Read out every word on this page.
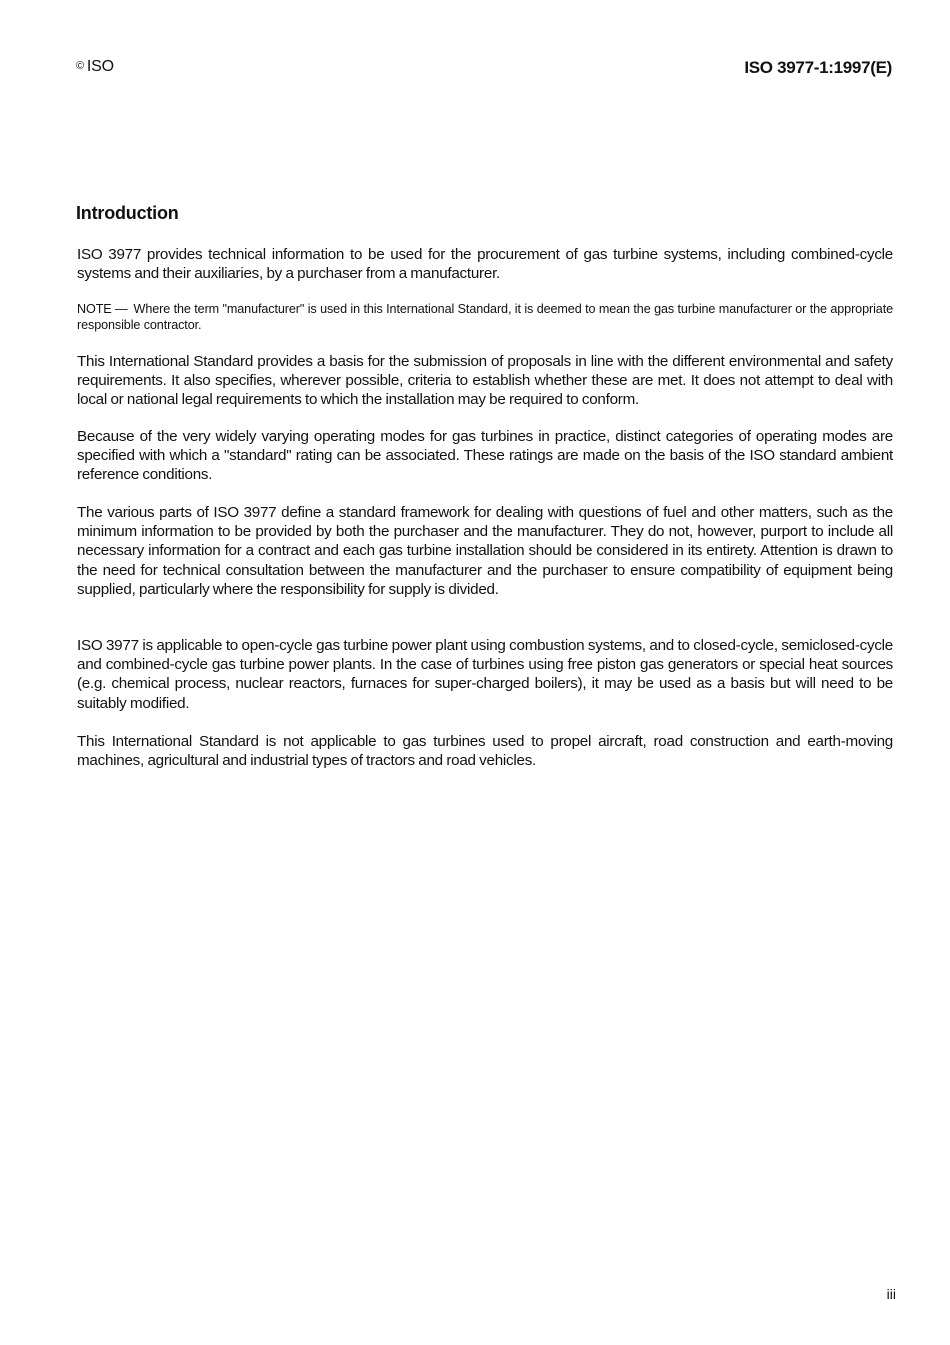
© ISO	ISO 3977-1:1997(E)
Introduction

ISO 3977 provides technical information to be used for the procurement of gas turbine systems, including combined-cycle systems and their auxiliaries, by a purchaser from a manufacturer.

NOTE — Where the term "manufacturer" is used in this International Standard, it is deemed to mean the gas turbine manufacturer or the appropriate responsible contractor.

This International Standard provides a basis for the submission of proposals in line with the different environmental and safety requirements. It also specifies, wherever possible, criteria to establish whether these are met. It does not attempt to deal with local or national legal requirements to which the installation may be required to conform.

Because of the very widely varying operating modes for gas turbines in practice, distinct categories of operating modes are specified with which a "standard" rating can be associated. These ratings are made on the basis of the ISO standard ambient reference conditions.

The various parts of ISO 3977 define a standard framework for dealing with questions of fuel and other matters, such as the minimum information to be provided by both the purchaser and the manufacturer. They do not, however, purport to include all necessary information for a contract and each gas turbine installation should be considered in its entirety. Attention is drawn to the need for technical consultation between the manufacturer and the purchaser to ensure compatibility of equipment being supplied, particularly where the responsibility for supply is divided.

ISO 3977 is applicable to open-cycle gas turbine power plant using combustion systems, and to closed-cycle, semiclosed-cycle and combined-cycle gas turbine power plants. In the case of turbines using free piston gas generators or special heat sources (e.g. chemical process, nuclear reactors, furnaces for super-charged boilers), it may be used as a basis but will need to be suitably modified.

This International Standard is not applicable to gas turbines used to propel aircraft, road construction and earth-moving machines, agricultural and industrial types of tractors and road vehicles.

iii
